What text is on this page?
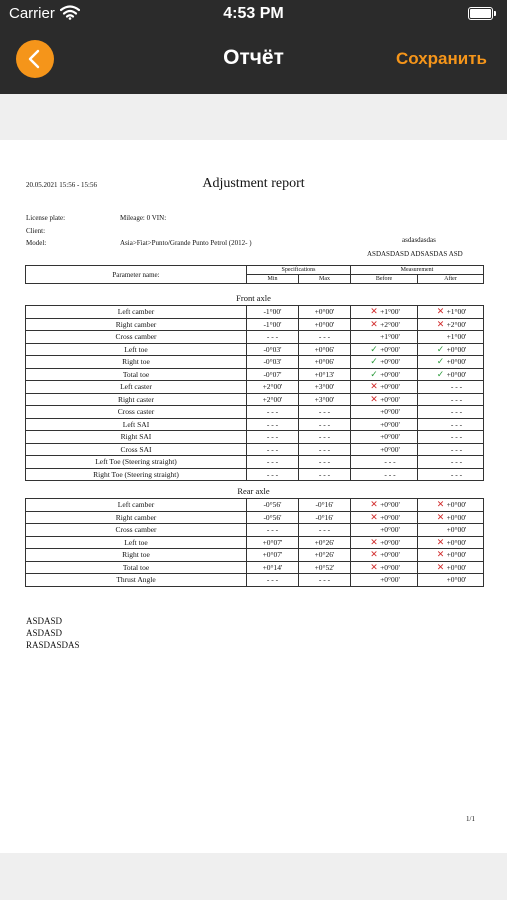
Carrier	4:53 PM
Отчёт	Сохранить
20.05.2021 15:56 - 15:56	Adjustment report
License plate:	Mileage: 0 VIN:
Client:
Model:	Asia>Fiat>Punto/Grande Punto Petrol (2012- )	asdasdasdas
ASDASDASD ADSASDAS ASD
Parameter name:	Specifications		Measurement	
	Min	Max	Before	After
Front axle
Left camber	-1°00'	+0°00'	✕ +1°00'	✕ +1°00'
Right camber	-1°00'	+0°00'	✕ +2°00'	✕ +2°00'
Cross camber	- - -	- - -	+1°00'	+1°00'
Left toe	-0°03'	+0°06'	✓ +0°00'	✓ +0°00'
Right toe	-0°03'	+0°06'	✓ +0°00'	✓ +0°00'
Total toe	-0°07'	+0°13'	✓ +0°00'	✓ +0°00'
Left caster	+2°00'	+3°00'	✕ +0°00'	- - -
Right caster	+2°00'	+3°00'	✕ +0°00'	- - -
Cross caster	- - -	- - -	+0°00'	- - -
Left SAI	- - -	- - -	+0°00'	- - -
Right SAI	- - -	- - -	+0°00'	- - -
Cross SAI	- - -	- - -	+0°00'	- - -
Left Toe (Steering straight)	- - -	- - -	- - -	- - -
Right Toe (Steering straight)	- - -	- - -	- - -	- - -
Rear axle
Left camber	-0°56'	-0°16'	✕ +0°00'	✕ +0°00'
Right camber	-0°56'	-0°16'	✕ +0°00'	✕ +0°00'
Cross camber	- - -	- - -	+0°00'	+0°00'
Left toe	+0°07'	+0°26'	✕ +0°00'	✕ +0°00'
Right toe	+0°07'	+0°26'	✕ +0°00'	✕ +0°00'
Total toe	+0°14'	+0°52'	✕ +0°00'	✕ +0°00'
Thrust Angle	- - -	- - -	+0°00'	+0°00'
ASDASD
ASDASD
RASDASDAS
1/1
